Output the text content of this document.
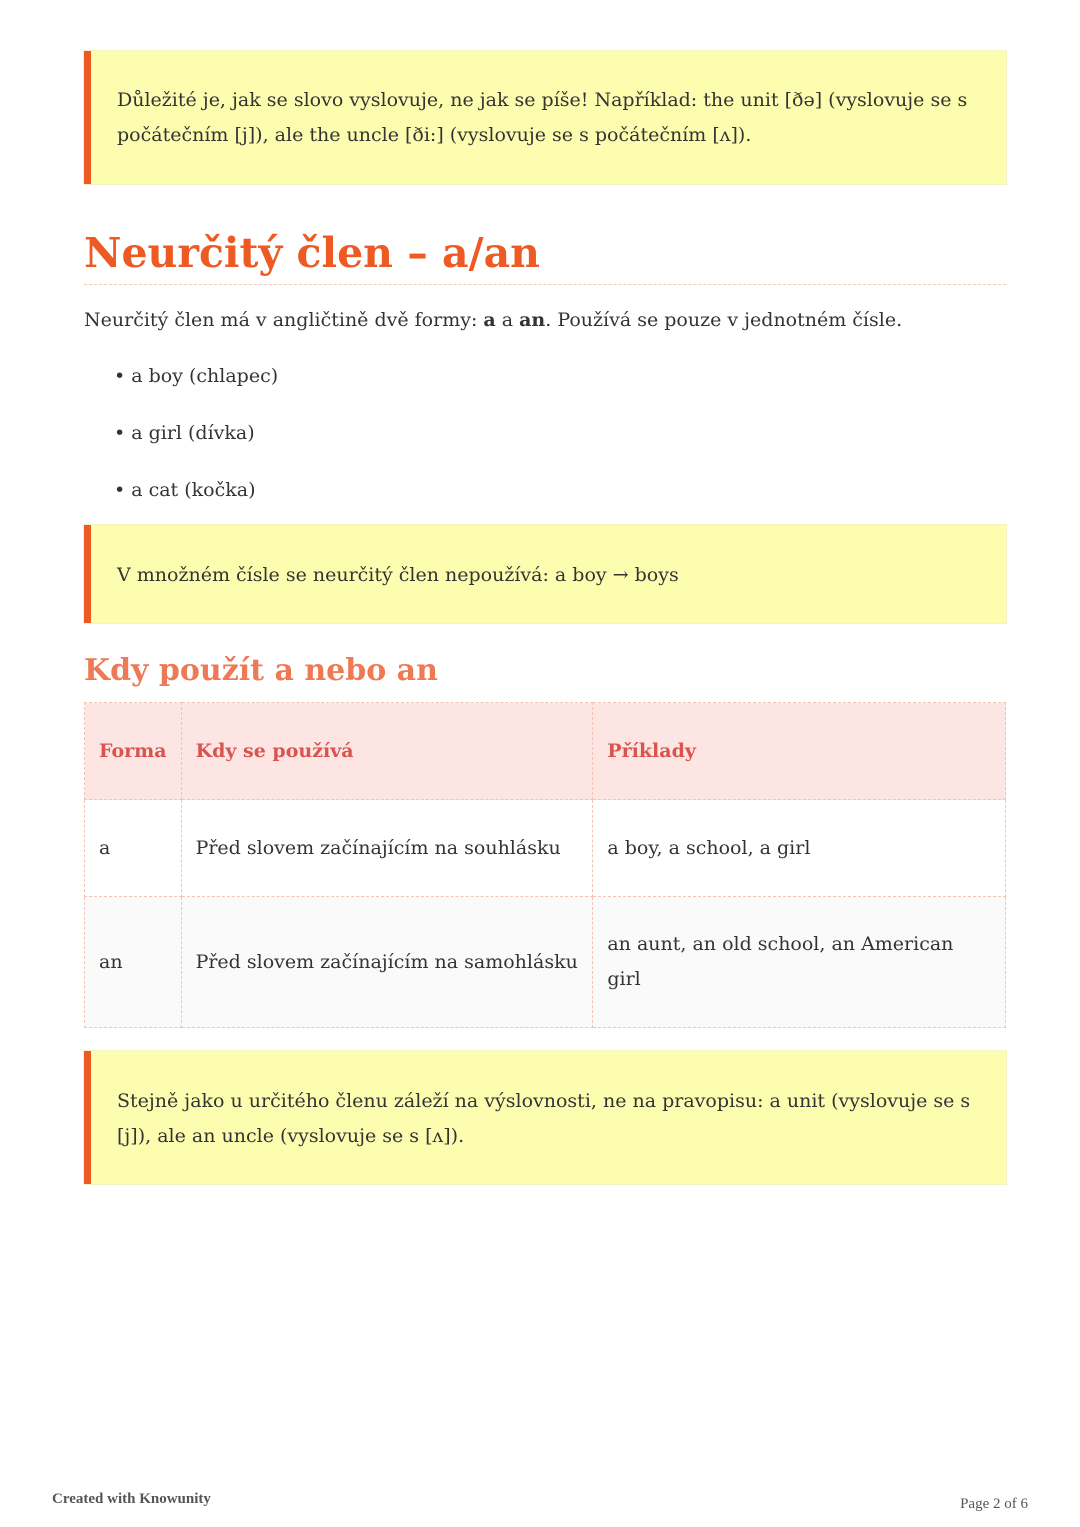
Důležité je, jak se slovo vyslovuje, ne jak se píše! Například: the unit [ðə] (vyslovuje se s počátečním [j]), ale the uncle [ði:] (vyslovuje se s počátečním [ʌ]).

Neurčitý člen – a/an

Neurčitý člen má v angličtině dvě formy: a a an. Používá se pouze v jednotném čísle.

• a boy (chlapec)
• a girl (dívka)
• a cat (kočka)

V množném čísle se neurčitý člen nepoužívá: a boy → boys

Kdy použít a nebo an
Forma	Kdy se používá	Příklady
a	Před slovem začínajícím na souhlásku	a boy, a school, a girl
an	Před slovem začínajícím na samohlásku	an aunt, an old school, an American girl

Stejně jako u určitého členu záleží na výslovnosti, ne na pravopisu: a unit (vyslovuje se s [j]), ale an uncle (vyslovuje se s [ʌ]).

Created with Knowunity	Page 2 of 6
